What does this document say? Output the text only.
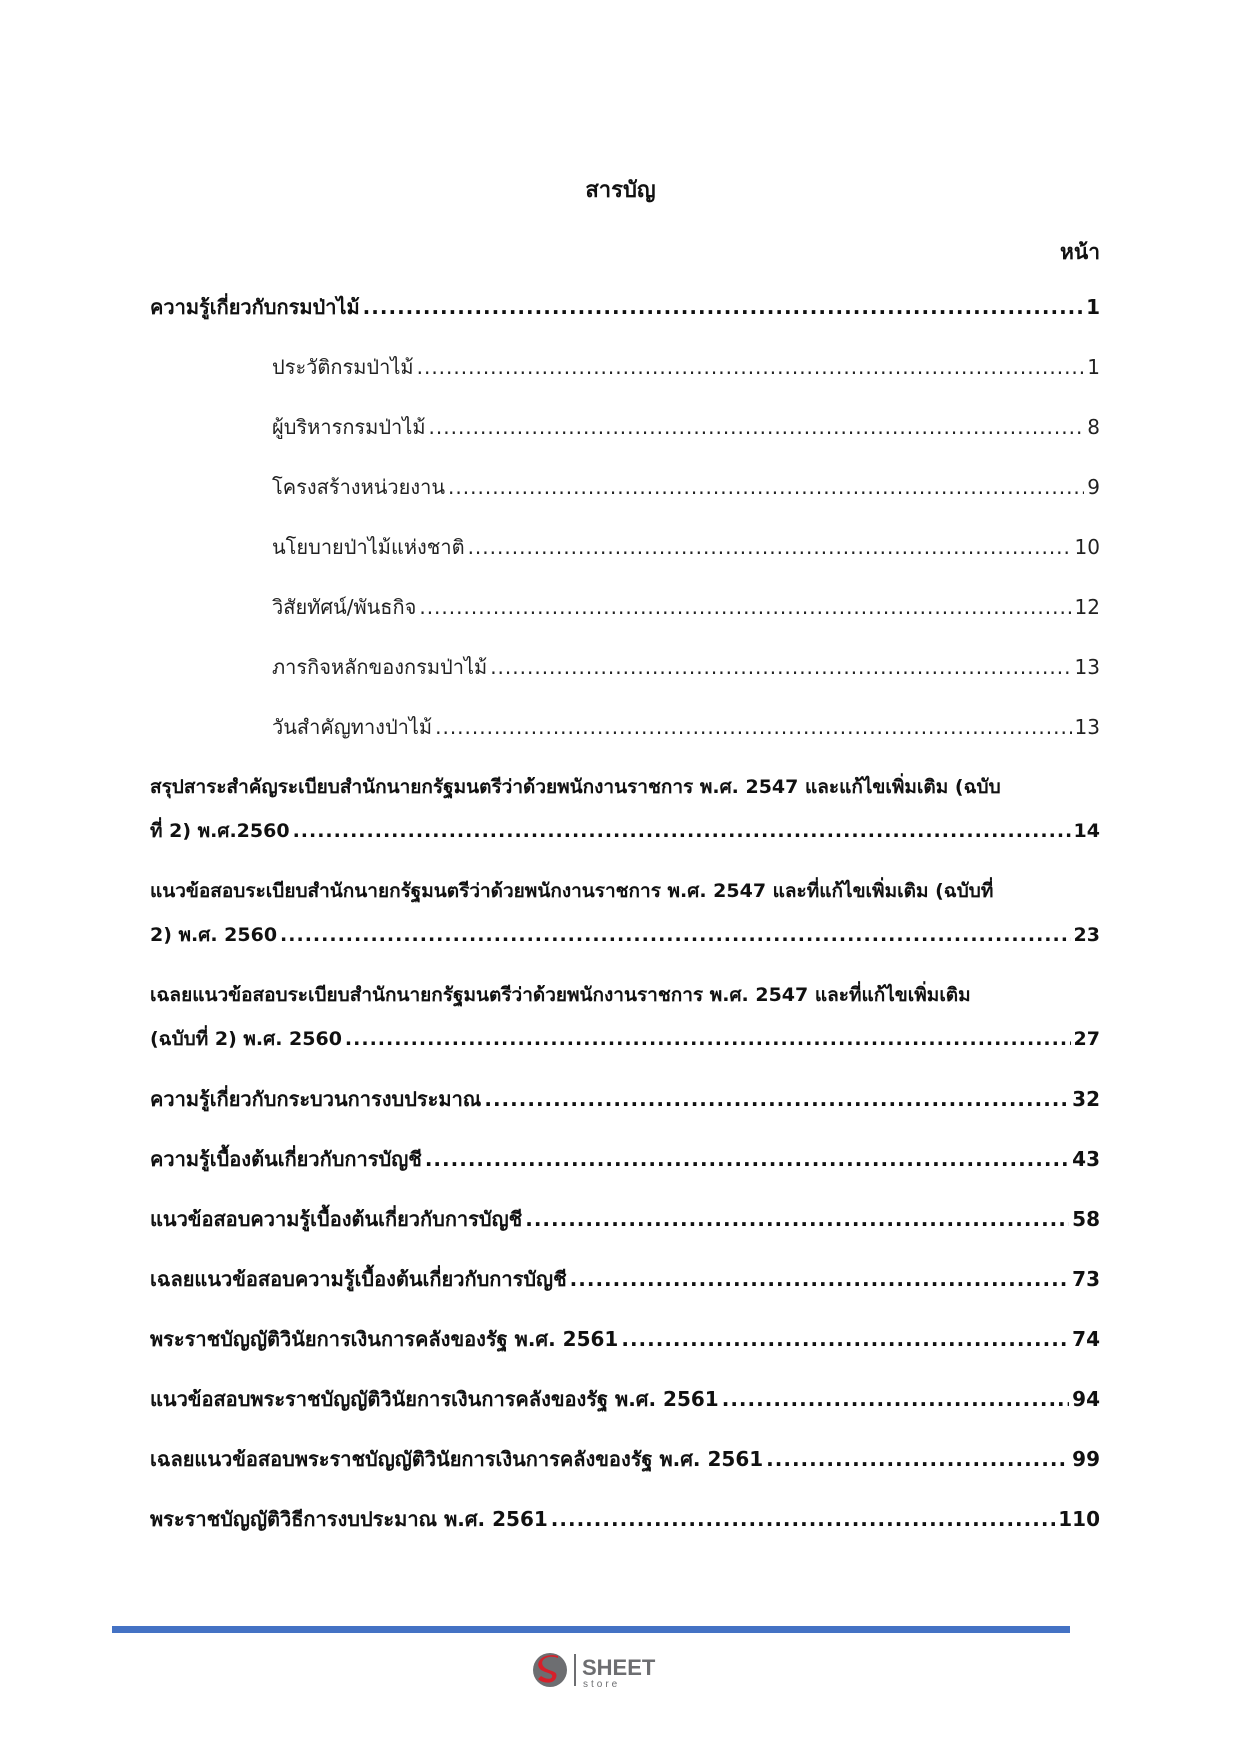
สารบัญ
หน้า
ความรู้เกี่ยวกับกรมป่าไม้ .....	1
ประวัติกรมป่าไม้ .....	1
ผู้บริหารกรมป่าไม้ .....	8
โครงสร้างหน่วยงาน .....	9
นโยบายป่าไม้แห่งชาติ .....	10
วิสัยทัศน์/พันธกิจ .....	12
ภารกิจหลักของกรมป่าไม้ .....	13
วันสำคัญทางป่าไม้ .....	13
สรุปสาระสำคัญระเบียบสำนักนายกรัฐมนตรีว่าด้วยพนักงานราชการ พ.ศ. 2547 และแก้ไขเพิ่มเติม (ฉบับ
ที่ 2) พ.ศ.2560 .....	14
แนวข้อสอบระเบียบสำนักนายกรัฐมนตรีว่าด้วยพนักงานราชการ พ.ศ. 2547 และที่แก้ไขเพิ่มเติม (ฉบับที่
2) พ.ศ. 2560 .....	23
เฉลยแนวข้อสอบระเบียบสำนักนายกรัฐมนตรีว่าด้วยพนักงานราชการ พ.ศ. 2547 และที่แก้ไขเพิ่มเติม
(ฉบับที่ 2) พ.ศ. 2560 .....	27
ความรู้เกี่ยวกับกระบวนการงบประมาณ .....	32
ความรู้เบื้องต้นเกี่ยวกับการบัญชี .....	43
แนวข้อสอบความรู้เบื้องต้นเกี่ยวกับการบัญชี .....	58
เฉลยแนวข้อสอบความรู้เบื้องต้นเกี่ยวกับการบัญชี .....	73
พระราชบัญญัติวินัยการเงินการคลังของรัฐ พ.ศ. 2561 .....	74
แนวข้อสอบพระราชบัญญัติวินัยการเงินการคลังของรัฐ พ.ศ. 2561 .....	94
เฉลยแนวข้อสอบพระราชบัญญัติวินัยการเงินการคลังของรัฐ พ.ศ. 2561 .....	99
พระราชบัญญัติวิธีการงบประมาณ พ.ศ. 2561 .....	110
SHEET
store
